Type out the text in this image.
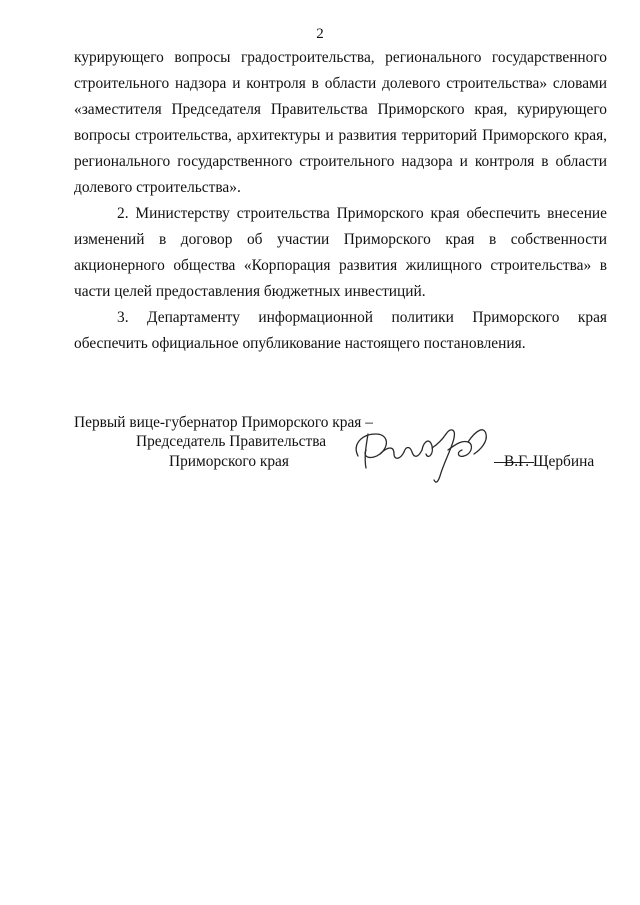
2

курирующего вопросы градостроительства, регионального государственного строительного надзора и контроля в области долевого строительства» словами «заместителя Председателя Правительства Приморского края, курирующего вопросы строительства, архитектуры и развития территорий Приморского края, регионального государственного строительного надзора и контроля в области долевого строительства».

2. Министерству строительства Приморского края обеспечить внесение изменений в договор об участии Приморского края в собственности акционерного общества «Корпорация развития жилищного строительства» в части целей предоставления бюджетных инвестиций.

3. Департаменту информационной политики Приморского края обеспечить официальное опубликование настоящего постановления.

Первый вице-губернатор Приморского края –
Председатель Правительства
Приморского края	В.Г. Щербина
